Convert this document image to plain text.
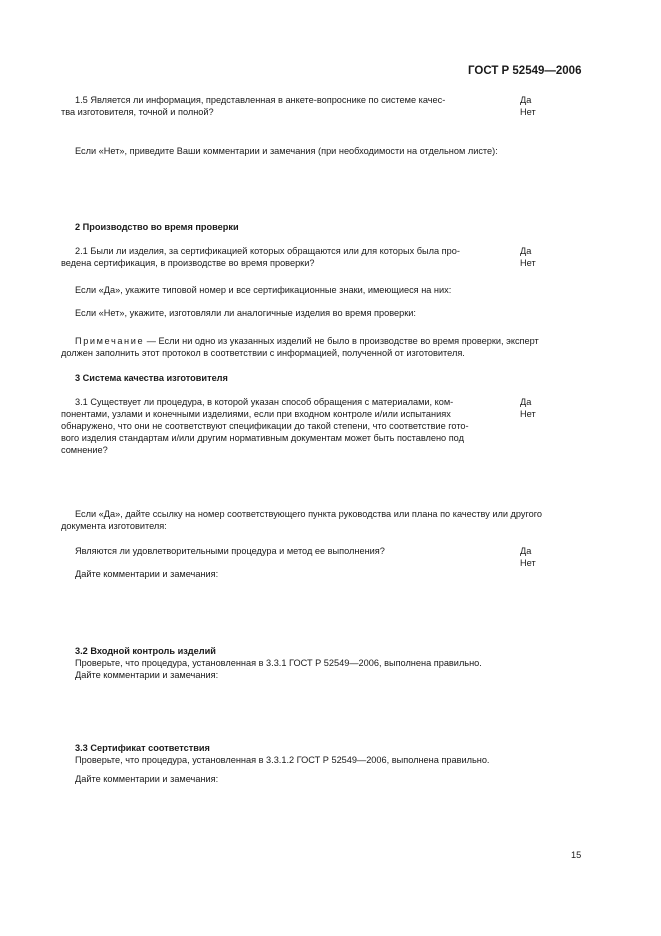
ГОСТ Р 52549—2006
1.5 Является ли информация, представленная в анкете-вопроснике по системе качес-
тва изготовителя, точной и полной?
Да
Нет
Если «Нет», приведите Ваши комментарии и замечания (при необходимости на отдельном листе):
2 Производство во время проверки
2.1 Были ли изделия, за сертификацией которых обращаются или для которых была про-
ведена сертификация, в производстве во время проверки?
Да
Нет
Если «Да», укажите типовой номер и все сертификационные знаки, имеющиеся на них:
Если «Нет», укажите, изготовляли ли аналогичные изделия во время проверки:
Примечание — Если ни одно из указанных изделий не было в производстве во время проверки, эксперт
должен заполнить этот протокол в соответствии с информацией, полученной от изготовителя.
3 Система качества изготовителя
3.1 Существует ли процедура, в которой указан способ обращения с материалами, ком-
понентами, узлами и конечными изделиями, если при входном контроле и/или испытаниях
обнаружено, что они не соответствуют спецификации до такой степени, что соответствие гото-
вого изделия стандартам и/или другим нормативным документам может быть поставлено под
сомнение?
Да
Нет
Если «Да», дайте ссылку на номер соответствующего пункта руководства или плана по качеству или другого
документа изготовителя:
Являются ли удовлетворительными процедура и метод ее выполнения?	Да
Нет
Дайте комментарии и замечания:
3.2 Входной контроль изделий
Проверьте, что процедура, установленная в 3.3.1 ГОСТ Р 52549—2006, выполнена правильно.
Дайте комментарии и замечания:
3.3 Сертификат соответствия
Проверьте, что процедура, установленная в 3.3.1.2 ГОСТ Р 52549—2006, выполнена правильно.
Дайте комментарии и замечания:
15
